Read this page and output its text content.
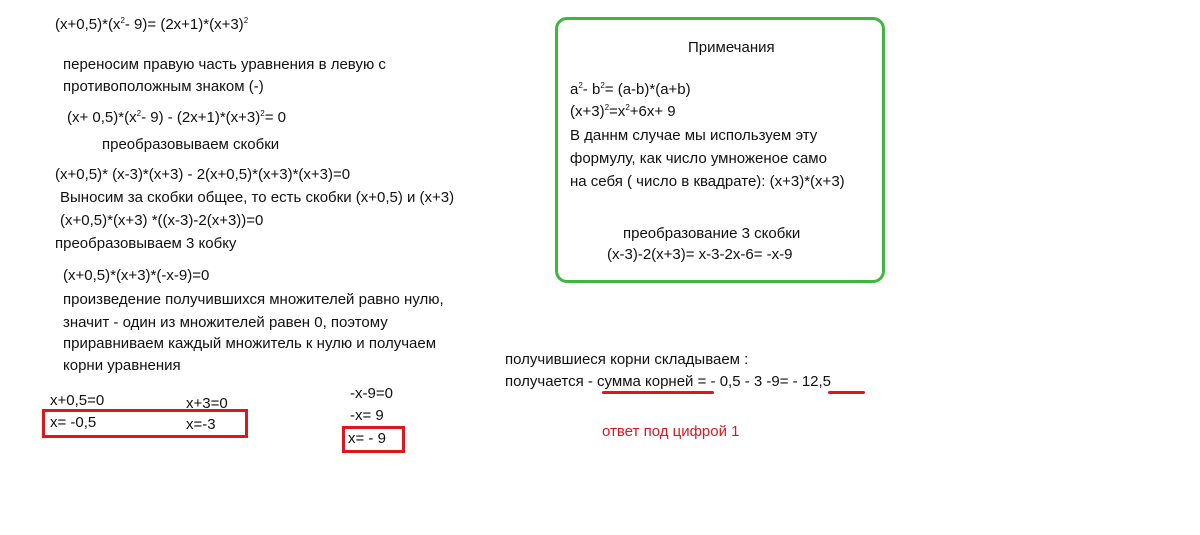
$(x+0,5)*(x^2-$ $9)= (2x+1)*(x+3)^2$
переносим правую часть уравнения в левую с
противоположным знаком (-)
$(x+ 0,5)*(x^2-$ $9) - (2x+1)*(x+3)^2= 0$
преобразовываем скобки
(x+0,5)* (x-3)*(x+3) - 2(x+0,5)*(x+3)*(x+3)=0
Выносим за скобки общее, то есть скобки (x+0,5) и (x+3)
(x+0,5)*(x+3) *((x-3)-2(x+3))=0
преобразовываем 3 кобку
(x+0,5)*(x+3)*(-x-9)=0
произведение получившихся множителей равно нулю,
значит - один из множителей равен 0, поэтому
приравниваем каждый множитель к нулю и получаем
корни уравнения
x+0,5=0	x+3=0
x= -0,5	x=-3
-x-9=0
-x= 9
x= - 9
получившиеся корни складываем :
получается - сумма корней = - 0,5 - 3 -9= - 12,5
ответ под цифрой 1
Примечания
$a^2-$ $b^2= (a-b)*(a+b)$
$(x+3)^2=x^2+6x+ 9$
В даннм случае мы используем эту
формулу, как число умноженое само
на себя ( число в квадрате): (x+3)*(x+3)
преобразование 3 скобки
(x-3)-2(x+3)= x-3-2x-6= -x-9
